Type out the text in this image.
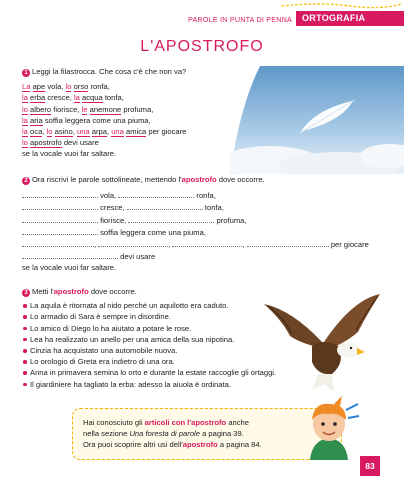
PAROLE IN PUNTA DI PENNA	ORTOGRAFIA
L'APOSTROFO
1 Leggi la filastrocca. Che cosa c'è che non va?
La ape vola, lo orso ronfa,
la erba cresce, la acqua tonfa,
lo albero fiorisce, le anemone profuma,
la aria soffia leggera come una piuma,
la oca, lo asino, una arpa, una amica per giocare
lo apostrofo devi usare
se la vocale vuoi far saltare.
2 Ora riscrivi le parole sottolineate, mettendo l'apostrofo dove occorre.
vola,	ronfa,
cresce,	tonfa,
fiorisce,	profuma,
soffia leggera come una piuma,
,	,	,	per giocare
devi usare
se la vocale vuoi far saltare.
3 Metti l'apostrofo dove occorre.
La aquila è ritornata al nido perché un aquilotto era caduto.
Lo armadio di Sara è sempre in disordine.
Lo amico di Diego lo ha aiutato a potare le rose.
Lea ha realizzato un anello per una amica della sua nipotina.
Cinzia ha acquistato una automobile nuova.
Lo orologio di Greta era indietro di una ora.
Anna in primavera semina lo orto e durante la estate raccoglie gli ortaggi.
Il giardiniere ha tagliato la erba: adesso la aiuola è ordinata.
Hai conosciuto gli articoli con l'apostrofo anche
nella sezione Una foresta di parole a pagina 39.
Ora puoi scoprire altri usi dell'apostrofo a pagina 84.
83
